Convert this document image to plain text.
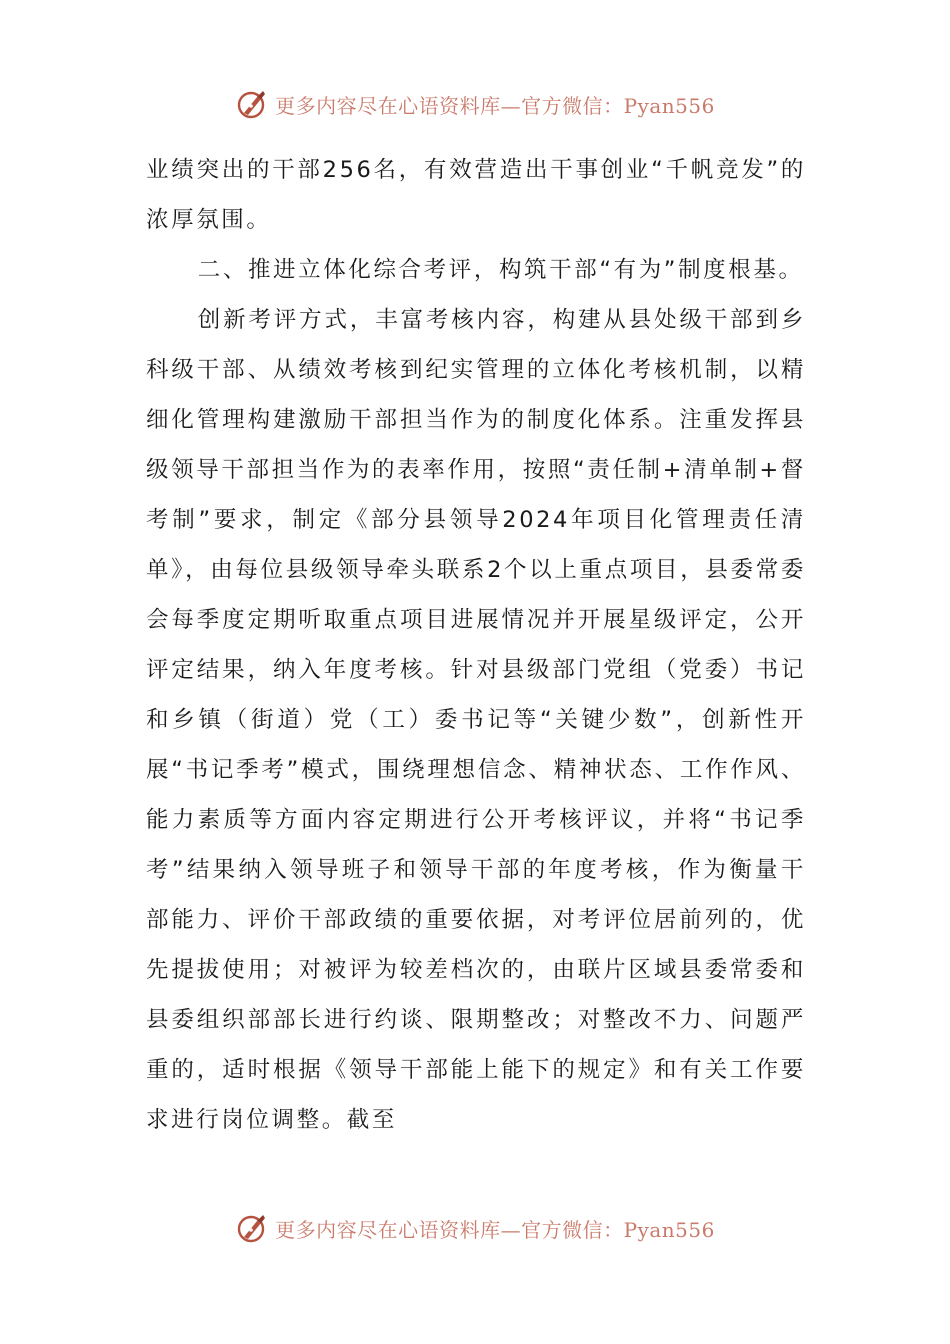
更多内容尽在心语资料库—官方微信：Pyan556

业绩突出的干部256名，有效营造出干事创业“千帆竞发”的浓厚氛围。

二、推进立体化综合考评，构筑干部“有为”制度根基。

创新考评方式，丰富考核内容，构建从县处级干部到乡科级干部、从绩效考核到纪实管理的立体化考核机制，以精细化管理构建激励干部担当作为的制度化体系。注重发挥县级领导干部担当作为的表率作用，按照“责任制+清单制+督考制”要求，制定《部分县领导2024年项目化管理责任清单》，由每位县级领导牵头联系2个以上重点项目，县委常委会每季度定期听取重点项目进展情况并开展星级评定，公开评定结果，纳入年度考核。针对县级部门党组（党委）书记和乡镇（街道）党（工）委书记等“关键少数”，创新性开展“书记季考”模式，围绕理想信念、精神状态、工作作风、能力素质等方面内容定期进行公开考核评议，并将“书记季考”结果纳入领导班子和领导干部的年度考核，作为衡量干部能力、评价干部政绩的重要依据，对考评位居前列的，优先提拔使用；对被评为较差档次的，由联片区域县委常委和县委组织部部长进行约谈、限期整改；对整改不力、问题严重的，适时根据《领导干部能上能下的规定》和有关工作要求进行岗位调整。截至

更多内容尽在心语资料库—官方微信：Pyan556
